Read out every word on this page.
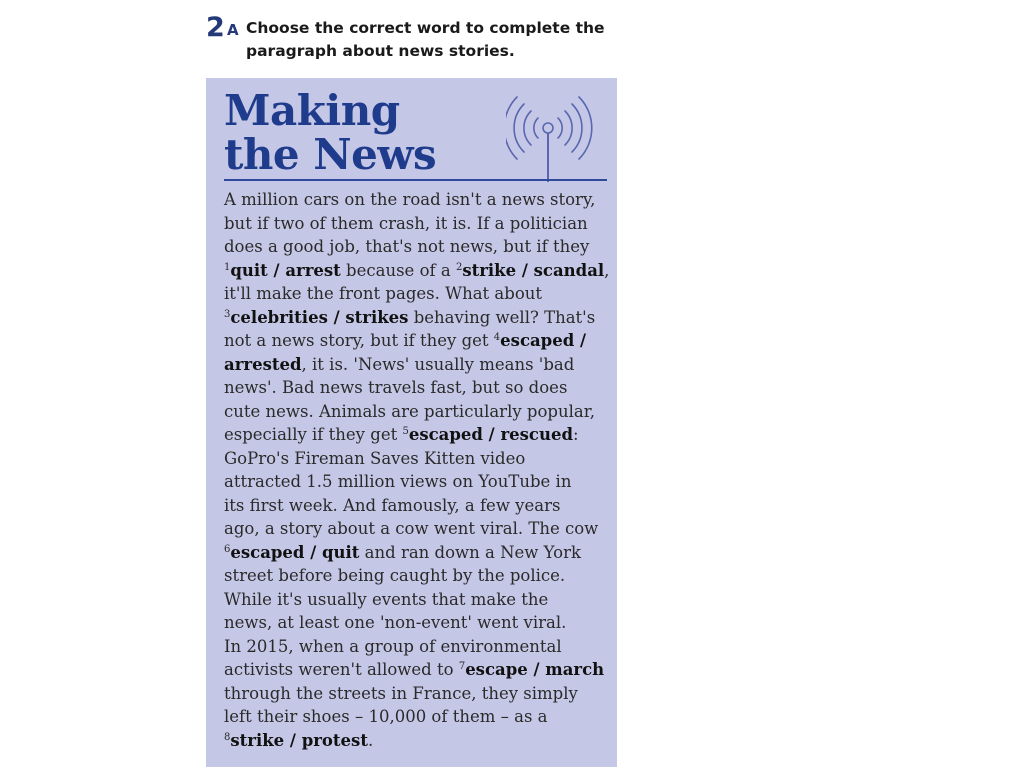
2 A Choose the correct word to complete the
paragraph about news stories.
Making
the News
A million cars on the road isn't a news story,
but if two of them crash, it is. If a politician
does a good job, that's not news, but if they
$^1$quit / arrest because of a $^2$strike / scandal,
it'll make the front pages. What about
$^3$celebrities / strikes behaving well? That's
not a news story, but if they get $^4$escaped /
arrested, it is. 'News' usually means 'bad
news'. Bad news travels fast, but so does
cute news. Animals are particularly popular,
especially if they get $^5$escaped / rescued:
GoPro's Fireman Saves Kitten video
attracted 1.5 million views on YouTube in
its first week. And famously, a few years
ago, a story about a cow went viral. The cow
$^6$escaped / quit and ran down a New York
street before being caught by the police.
While it's usually events that make the
news, at least one 'non-event' went viral.
In 2015, when a group of environmental
activists weren't allowed to $^7$escape / march
through the streets in France, they simply
left their shoes – 10,000 of them – as a
$^8$strike / protest.
